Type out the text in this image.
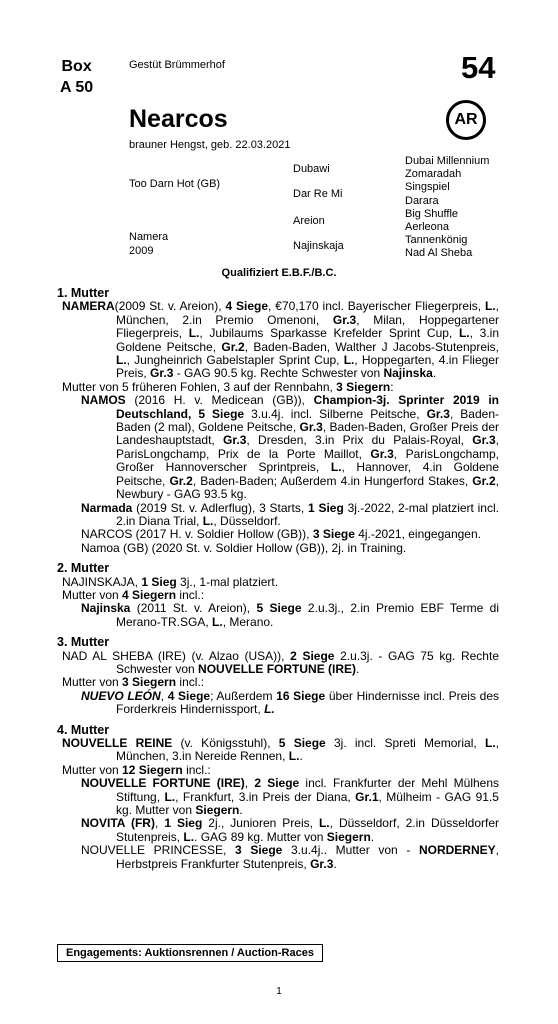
Box
A 50
Gestüt Brümmerhof	54
Nearcos	AR
brauner Hengst, geb. 22.03.2021
Too Darn Hot (GB)
Namera
2009
Dubawi
Dar Re Mi
Areion
Najinskaja
Dubai Millennium
Zomaradah
Singspiel
Darara
Big Shuffle
Aerleona
Tannenkönig
Nad Al Sheba
Qualifiziert E.B.F./B.C.
1. Mutter
NAMERA(2009 St. v. Areion), 4 Siege, €70,170 incl. Bayerischer Fliegerpreis, L., München, 2.in Premio Omenoni, Gr.3, Milan, Hoppegartener Fliegerpreis, L., Jubilaums Sparkasse Krefelder Sprint Cup, L., 3.in Goldene Peitsche, Gr.2, Baden-Baden, Walther J Jacobs-Stutenpreis, L., Jungheinrich Gabelstapler Sprint Cup, L., Hoppegarten, 4.in Flieger Preis, Gr.3 - GAG 90.5 kg. Rechte Schwester von Najinska.
Mutter von 5 früheren Fohlen, 3 auf der Rennbahn, 3 Siegern:
NAMOS (2016 H. v. Medicean (GB)), Champion-3j. Sprinter 2019 in Deutschland, 5 Siege 3.u.4j. incl. Silberne Peitsche, Gr.3, Baden-Baden (2 mal), Goldene Peitsche, Gr.3, Baden-Baden, Großer Preis der Landeshauptstadt, Gr.3, Dresden, 3.in Prix du Palais-Royal, Gr.3, ParisLongchamp, Prix de la Porte Maillot, Gr.3, ParisLongchamp, Großer Hannoverscher Sprintpreis, L., Hannover, 4.in Goldene Peitsche, Gr.2, Baden-Baden; Außerdem 4.in Hungerford Stakes, Gr.2, Newbury - GAG 93.5 kg.
Narmada (2019 St. v. Adlerflug), 3 Starts, 1 Sieg 3j.-2022, 2-mal platziert incl. 2.in Diana Trial, L., Düsseldorf.
NARCOS (2017 H. v. Soldier Hollow (GB)), 3 Siege 4j.-2021, eingegangen.
Namoa (GB) (2020 St. v. Soldier Hollow (GB)), 2j. in Training.
2. Mutter
NAJINSKAJA, 1 Sieg 3j., 1-mal platziert.
Mutter von 4 Siegern incl.:
Najinska (2011 St. v. Areion), 5 Siege 2.u.3j., 2.in Premio EBF Terme di Merano-TR.SGA, L., Merano.
3. Mutter
NAD AL SHEBA (IRE) (v. Alzao (USA)), 2 Siege 2.u.3j. - GAG 75 kg. Rechte Schwester von NOUVELLE FORTUNE (IRE).
Mutter von 3 Siegern incl.:
NUEVO LEÓN, 4 Siege; Außerdem 16 Siege über Hindernisse incl. Preis des Forderkreis Hindernissport, L.
4. Mutter
NOUVELLE REINE (v. Königsstuhl), 5 Siege 3j. incl. Spreti Memorial, L., München, 3.in Nereide Rennen, L..
Mutter von 12 Siegern incl.:
NOUVELLE FORTUNE (IRE), 2 Siege incl. Frankfurter der Mehl Mülhens Stiftung, L., Frankfurt, 3.in Preis der Diana, Gr.1, Mülheim - GAG 91.5 kg. Mutter von Siegern.
NOVITA (FR), 1 Sieg 2j., Junioren Preis, L., Düsseldorf, 2.in Düsseldorfer Stutenpreis, L.. GAG 89 kg. Mutter von Siegern.
NOUVELLE PRINCESSE, 3 Siege 3.u.4j.. Mutter von - NORDERNEY, Herbstpreis Frankfurter Stutenpreis, Gr.3.
Engagements: Auktionsrennen / Auction-Races
1
